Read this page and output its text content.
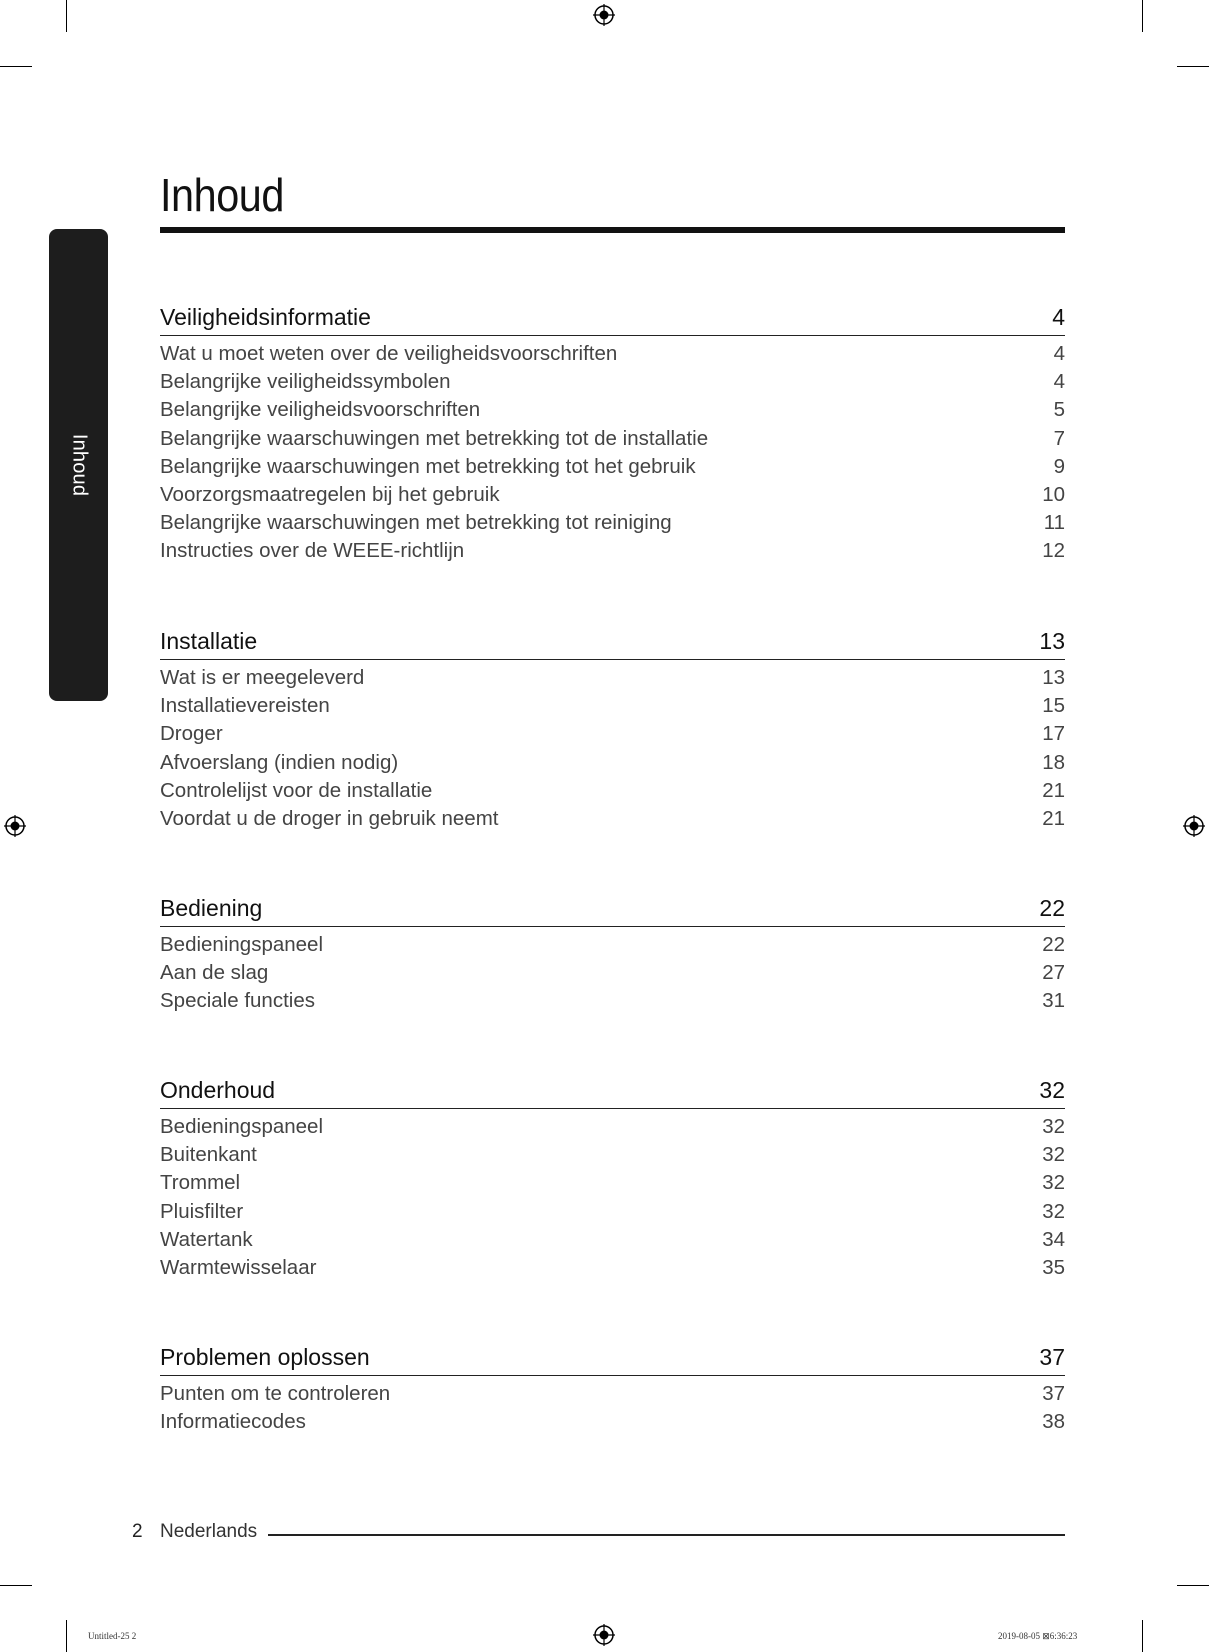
Inhoud
Inhoud
Veiligheidsinformatie	4
Wat u moet weten over de veiligheidsvoorschriften	4
Belangrijke veiligheidssymbolen	4
Belangrijke veiligheidsvoorschriften	5
Belangrijke waarschuwingen met betrekking tot de installatie	7
Belangrijke waarschuwingen met betrekking tot het gebruik	9
Voorzorgsmaatregelen bij het gebruik	10
Belangrijke waarschuwingen met betrekking tot reiniging	11
Instructies over de WEEE-richtlijn	12
Installatie	13
Wat is er meegeleverd	13
Installatievereisten	15
Droger	17
Afvoerslang (indien nodig)	18
Controlelijst voor de installatie	21
Voordat u de droger in gebruik neemt	21
Bediening	22
Bedieningspaneel	22
Aan de slag	27
Speciale functies	31
Onderhoud	32
Bedieningspaneel	32
Buitenkant	32
Trommel	32
Pluisfilter	32
Watertank	34
Warmtewisselaar	35
Problemen oplossen	37
Punten om te controleren	37
Informatiecodes	38
2 Nederlands
Untitled-25 2	2019-08-05 ⊠6:36:23
